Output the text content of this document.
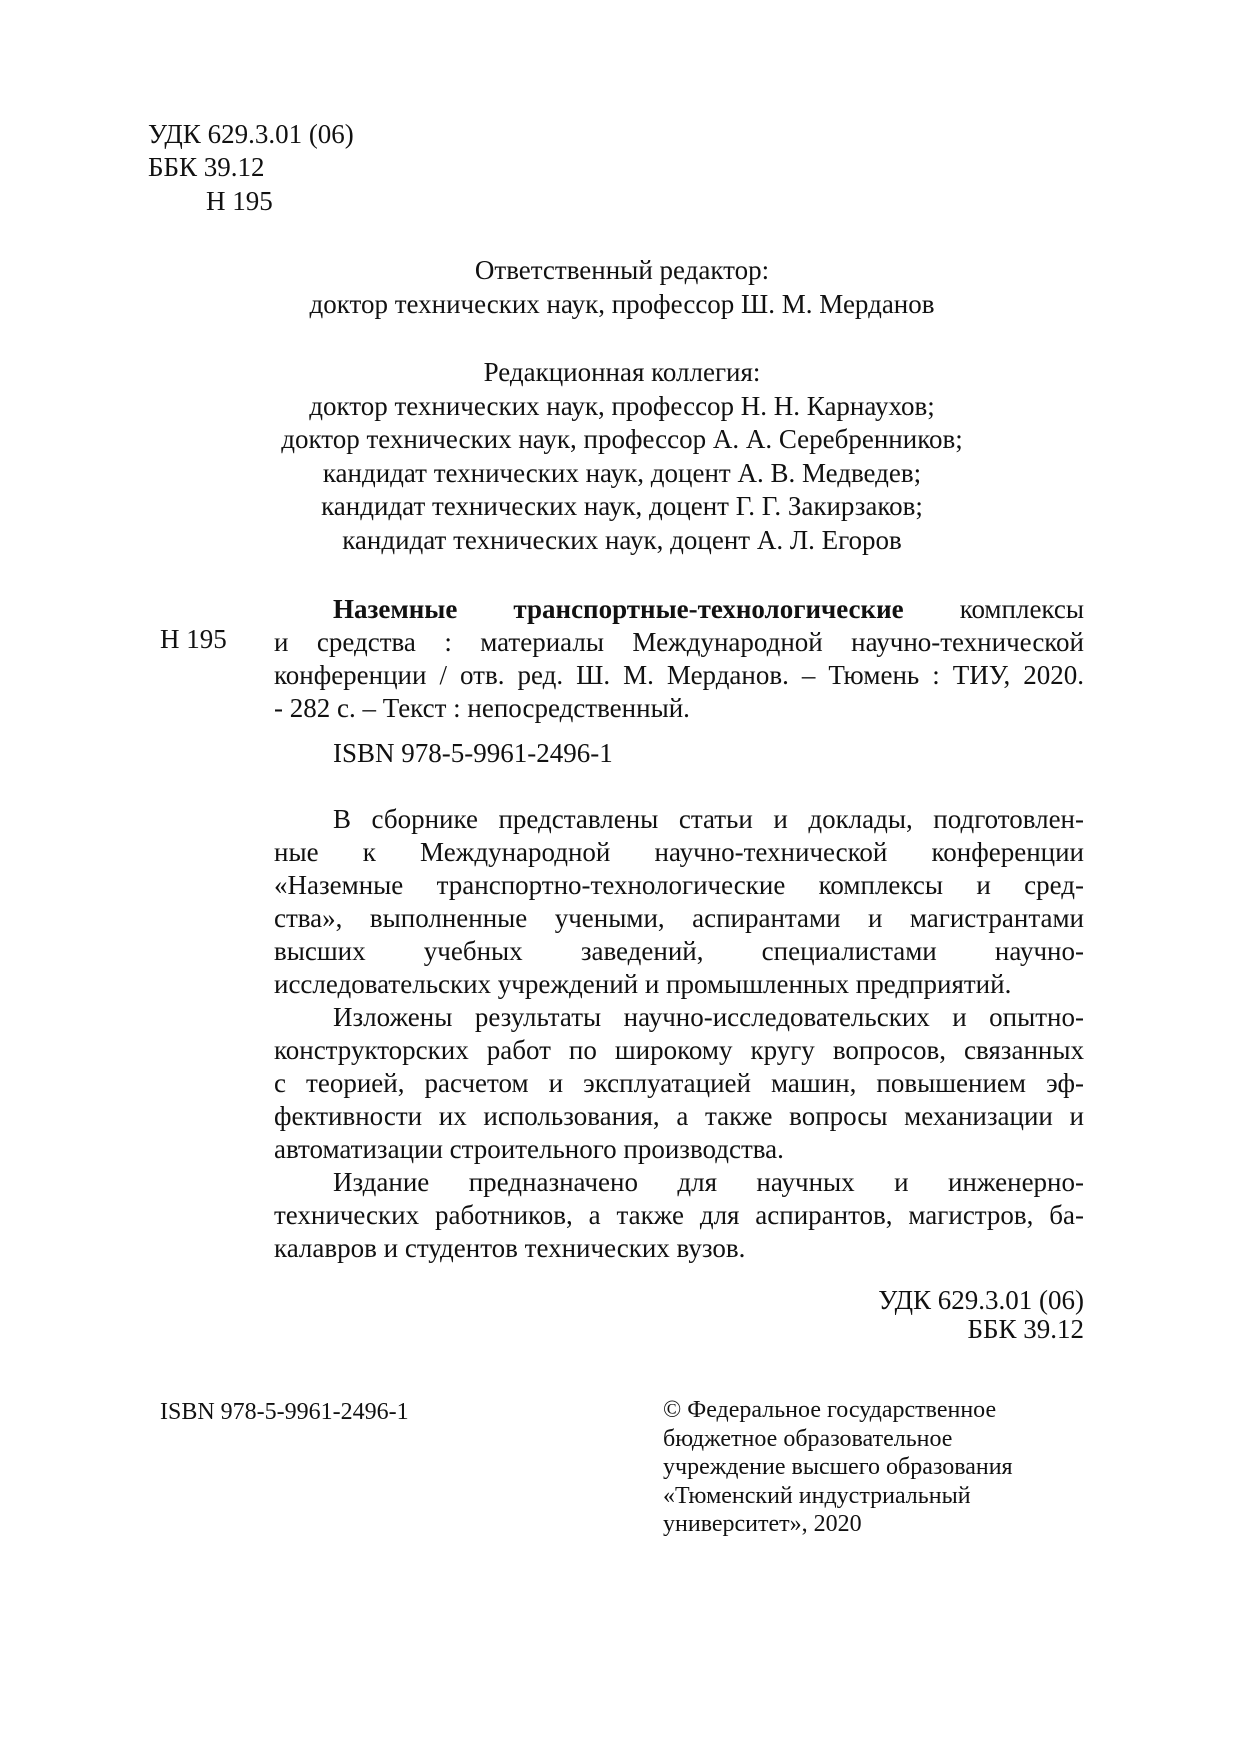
УДК 629.3.01 (06)
ББК 39.12
Н 195
Ответственный редактор:
доктор технических наук, профессор Ш. М. Мерданов
Редакционная коллегия:
доктор технических наук, профессор Н. Н. Карнаухов;
доктор технических наук, профессор А. А. Серебренников;
кандидат технических наук, доцент А. В. Медведев;
кандидат технических наук, доцент Г. Г. Закирзаков;
кандидат технических наук, доцент А. Л. Егоров
Н 195
Наземные транспортные-технологические комплексы
и средства : материалы Международной научно-технической
конференции / отв. ред. Ш. М. Мерданов. – Тюмень : ТИУ, 2020.
- 282 с. – Текст : непосредственный.
ISBN 978-5-9961-2496-1
В сборнике представлены статьи и доклады, подготовлен-
ные к Международной научно-технической конференции
«Наземные транспортно-технологические комплексы и сред-
ства», выполненные учеными, аспирантами и магистрантами
высших учебных заведений, специалистами научно-
исследовательских учреждений и промышленных предприятий.
Изложены результаты научно-исследовательских и опытно-
конструкторских работ по широкому кругу вопросов, связанных
с теорией, расчетом и эксплуатацией машин, повышением эф-
фективности их использования, а также вопросы механизации и
автоматизации строительного производства.
Издание предназначено для научных и инженерно-
технических работников, а также для аспирантов, магистров, ба-
калавров и студентов технических вузов.
УДК 629.3.01 (06)
ББК 39.12
ISBN 978-5-9961-2496-1	© Федеральное государственное
бюджетное образовательное
учреждение высшего образования
«Тюменский индустриальный
университет», 2020
